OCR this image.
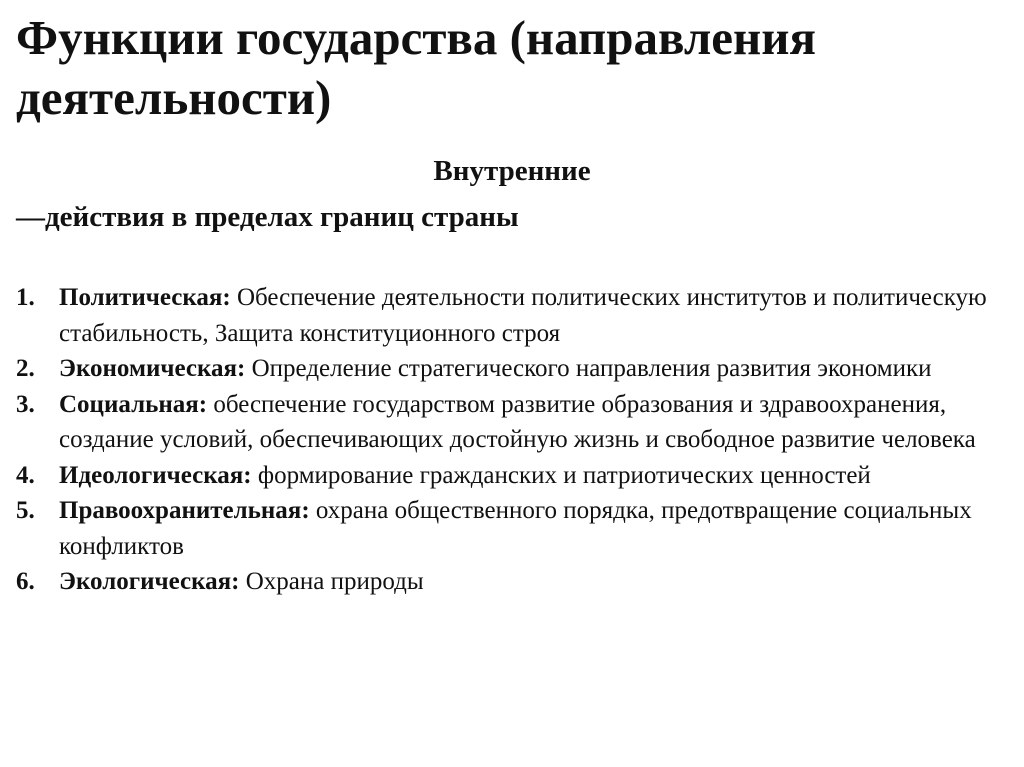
Функции государства (направления деятельности)

Внутренние

—действия в пределах границ страны

1. Политическая: Обеспечение деятельности политических институтов и политическую стабильность, Защита конституционного строя
2. Экономическая: Определение стратегического направления развития экономики
3. Социальная: обеспечение государством развитие образования и здравоохранения, создание условий, обеспечивающих достойную жизнь и свободное развитие человека
4. Идеологическая: формирование гражданских и патриотических ценностей
5. Правоохранительная: охрана общественного порядка, предотвращение социальных конфликтов
6. Экологическая: Охрана природы
